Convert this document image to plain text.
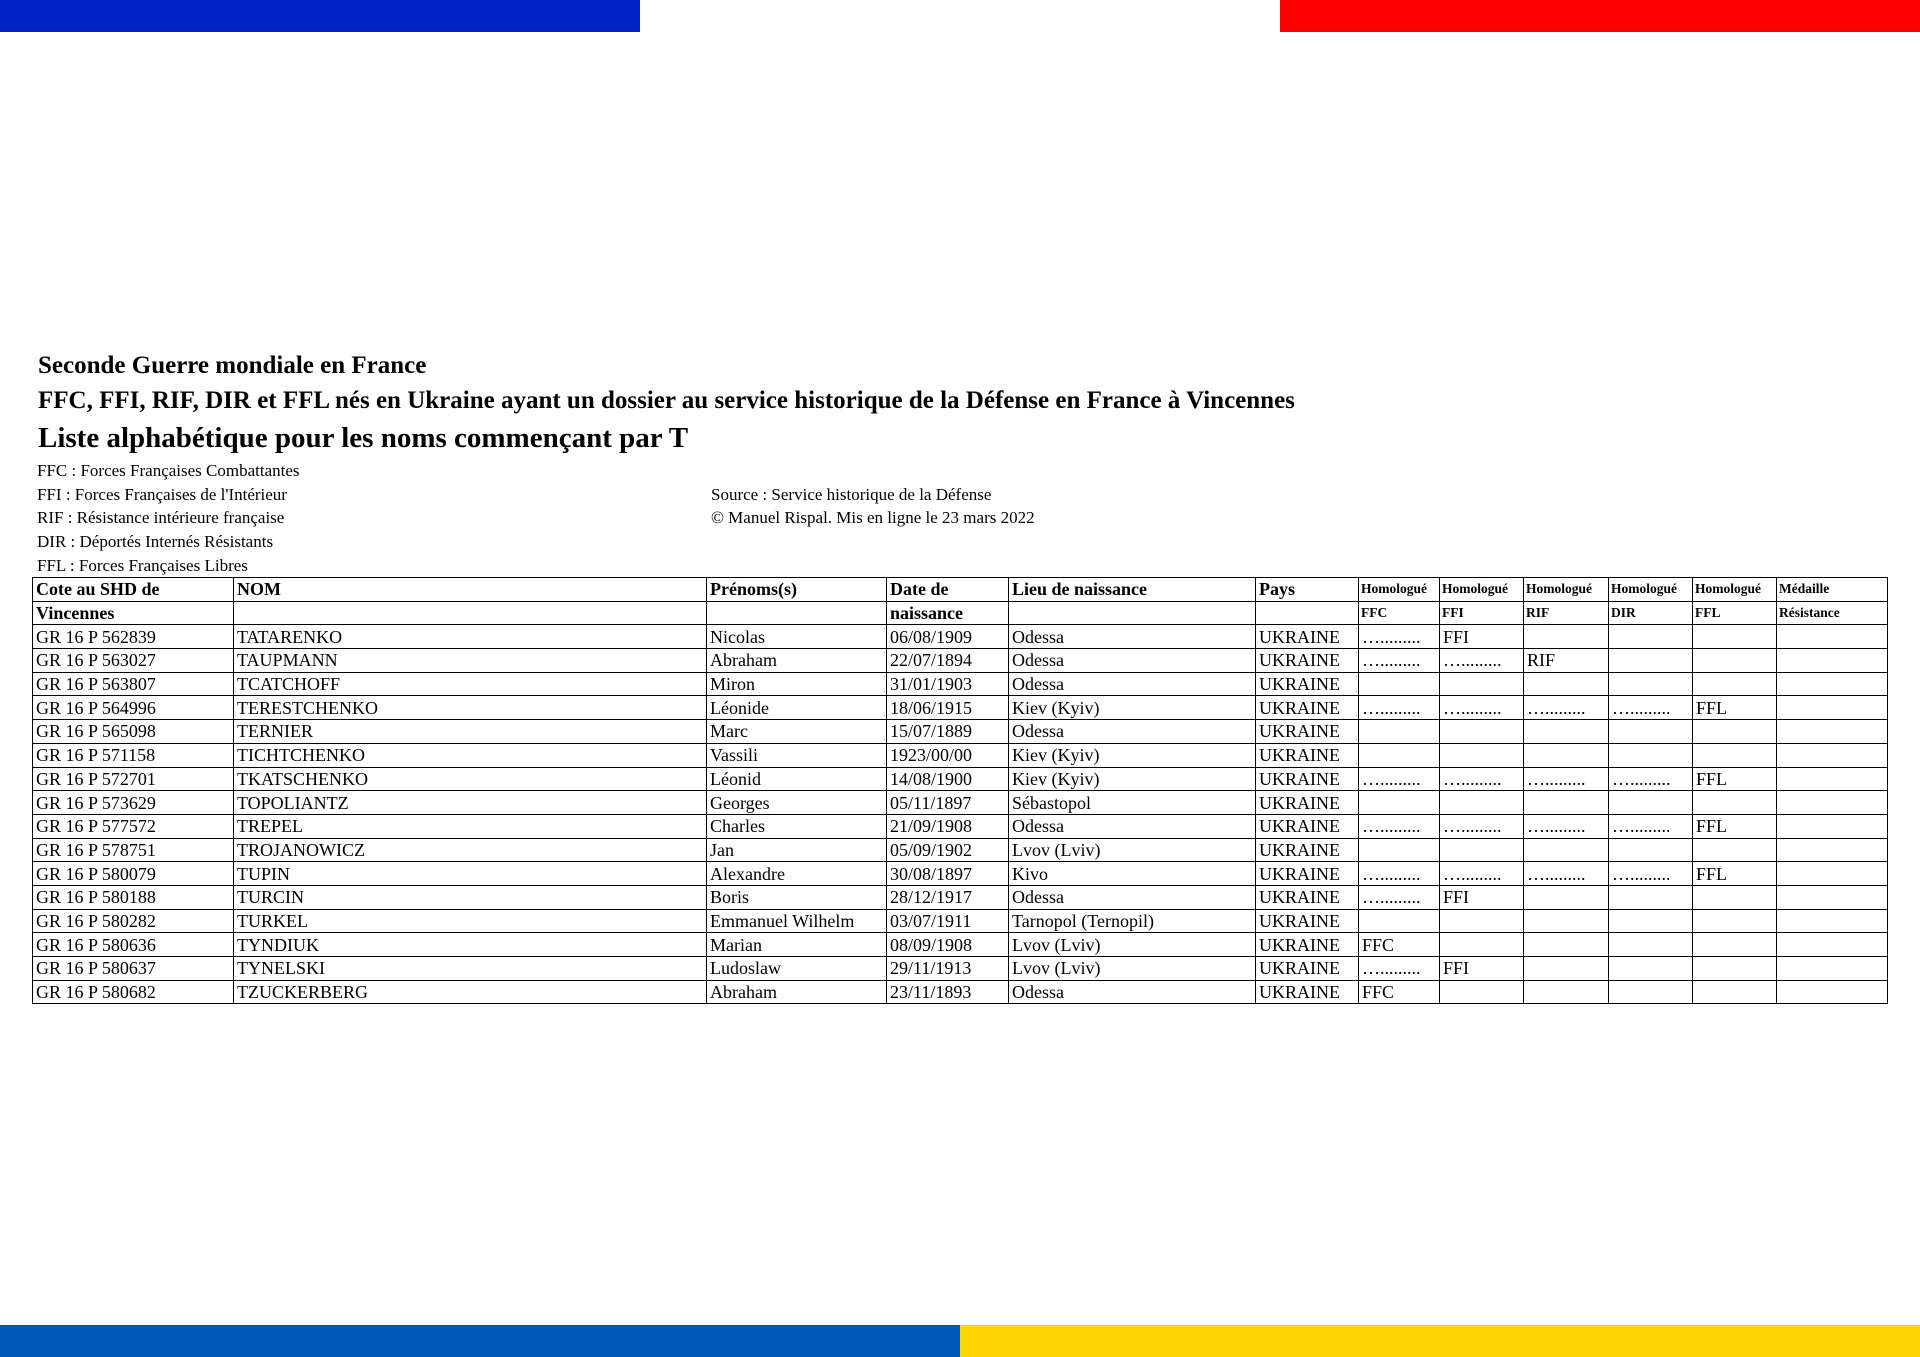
Seconde Guerre mondiale en France
FFC, FFI, RIF, DIR et FFL nés en Ukraine ayant un dossier au service historique de la Défense en France à Vincennes
Liste alphabétique pour les noms commençant par T
FFC : Forces Françaises Combattantes
FFI : Forces Françaises de l'Intérieur
RIF : Résistance intérieure française
DIR : Déportés Internés Résistants
FFL : Forces Françaises Libres
Source : Service historique de la Défense
© Manuel Rispal. Mis en ligne le 23 mars 2022
Cote au SHD de	NOM	Prénoms(s)	Date de	Lieu de naissance	Pays	Homologué	Homologué	Homologué	Homologué	Homologué	Médaille
Vincennes			naissance			FFC	FFI	RIF	DIR	FFL	Résistance
GR 16 P 562839	TATARENKO	Nicolas	06/08/1909	Odessa	UKRAINE	….........	FFI				
GR 16 P 563027	TAUPMANN	Abraham	22/07/1894	Odessa	UKRAINE	….........	….........	RIF			
GR 16 P 563807	TCATCHOFF	Miron	31/01/1903	Odessa	UKRAINE						
GR 16 P 564996	TERESTCHENKO	Léonide	18/06/1915	Kiev (Kyiv)	UKRAINE	….........	….........	….........	….........	FFL	
GR 16 P 565098	TERNIER	Marc	15/07/1889	Odessa	UKRAINE						
GR 16 P 571158	TICHTCHENKO	Vassili	1923/00/00	Kiev (Kyiv)	UKRAINE						
GR 16 P 572701	TKATSCHENKO	Léonid	14/08/1900	Kiev (Kyiv)	UKRAINE	….........	….........	….........	….........	FFL	
GR 16 P 573629	TOPOLIANTZ	Georges	05/11/1897	Sébastopol	UKRAINE						
GR 16 P 577572	TREPEL	Charles	21/09/1908	Odessa	UKRAINE	….........	….........	….........	….........	FFL	
GR 16 P 578751	TROJANOWICZ	Jan	05/09/1902	Lvov (Lviv)	UKRAINE						
GR 16 P 580079	TUPIN	Alexandre	30/08/1897	Kivo	UKRAINE	….........	….........	….........	….........	FFL	
GR 16 P 580188	TURCIN	Boris	28/12/1917	Odessa	UKRAINE	….........	FFI				
GR 16 P 580282	TURKEL	Emmanuel Wilhelm	03/07/1911	Tarnopol (Ternopil)	UKRAINE						
GR 16 P 580636	TYNDIUK	Marian	08/09/1908	Lvov (Lviv)	UKRAINE	FFC					
GR 16 P 580637	TYNELSKI	Ludoslaw	29/11/1913	Lvov (Lviv)	UKRAINE	….........	FFI				
GR 16 P 580682	TZUCKERBERG	Abraham	23/11/1893	Odessa	UKRAINE	FFC					
